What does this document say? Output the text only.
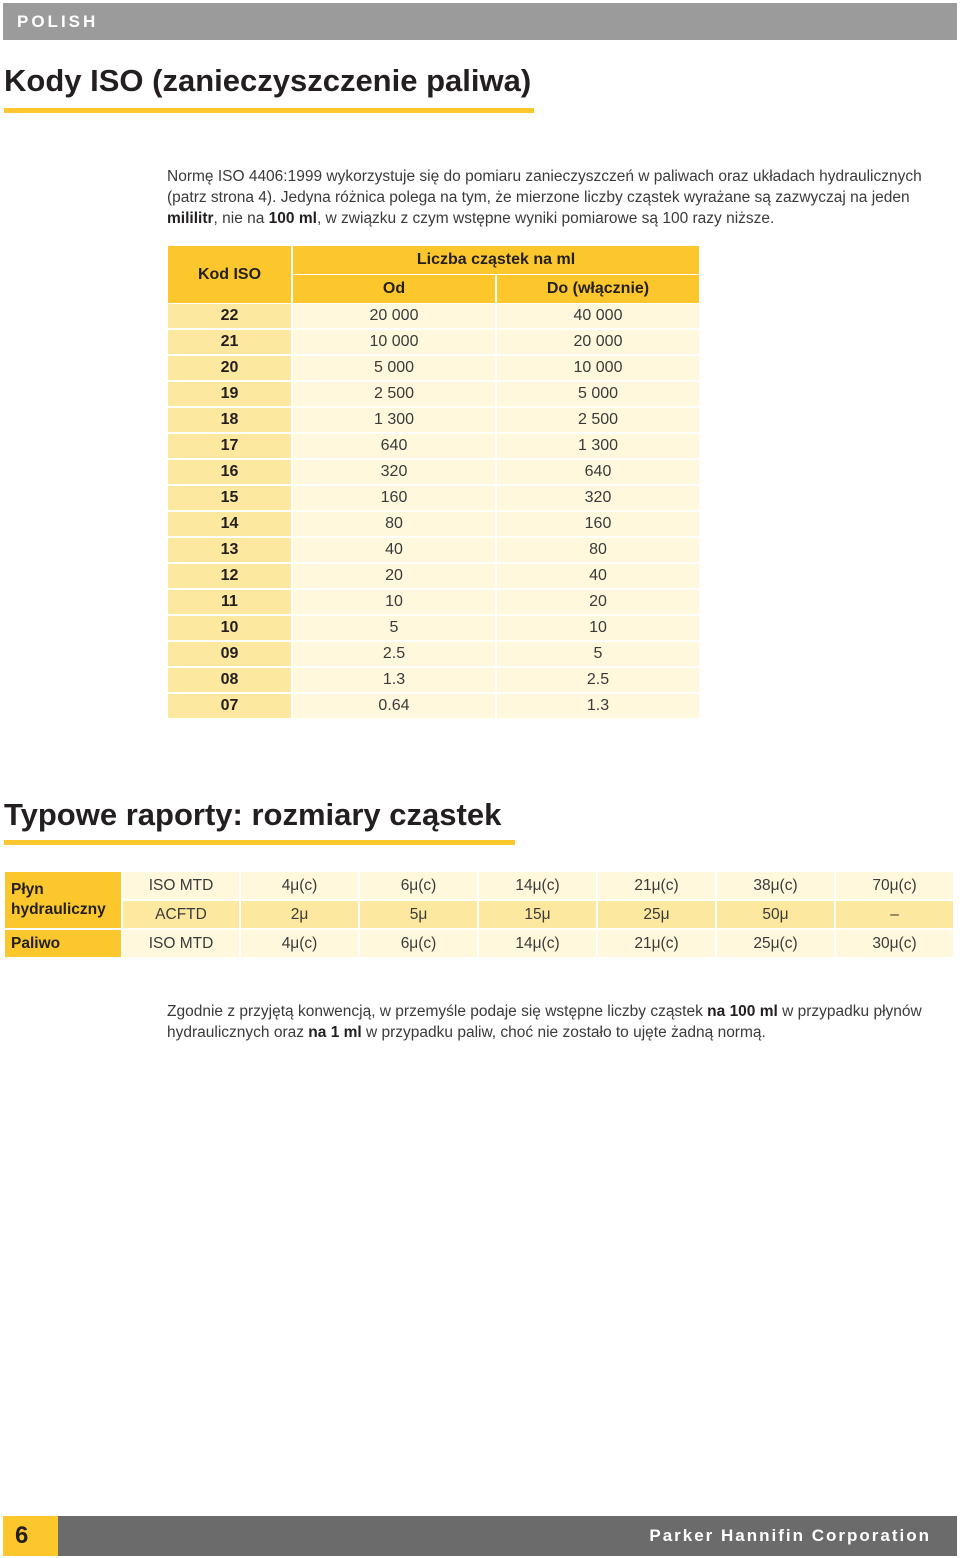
POLISH
Kody ISO (zanieczyszczenie paliwa)

Normę ISO 4406:1999 wykorzystuje się do pomiaru zanieczyszczeń w paliwach oraz układach hydraulicznych (patrz strona 4). Jedyna różnica polega na tym, że mierzone liczby cząstek wyrażane są zazwyczaj na jeden mililitr, nie na 100 ml, w związku z czym wstępne wyniki pomiarowe są 100 razy niższe.

Kod ISO	Liczba cząstek na ml	
	Od	Do (włącznie)
22	20 000	40 000
21	10 000	20 000
20	5 000	10 000
19	2 500	5 000
18	1 300	2 500
17	640	1 300
16	320	640
15	160	320
14	80	160
13	40	80
12	20	40
11	10	20
10	5	10
09	2.5	5
08	1.3	2.5
07	0.64	1.3
Typowe raporty: rozmiary cząstek
Płyn hydrauliczny	ISO MTD	4μ(c)	6μ(c)	14μ(c)	21μ(c)	38μ(c)	70μ(c)
	ACFTD	2μ	5μ	15μ	25μ	50μ	–
Paliwo	ISO MTD	4μ(c)	6μ(c)	14μ(c)	21μ(c)	25μ(c)	30μ(c)

Zgodnie z przyjętą konwencją, w przemyśle podaje się wstępne liczby cząstek na 100 ml w przypadku płynów hydraulicznych oraz na 1 ml w przypadku paliw, choć nie zostało to ujęte żadną normą.

6	Parker Hannifin Corporation
